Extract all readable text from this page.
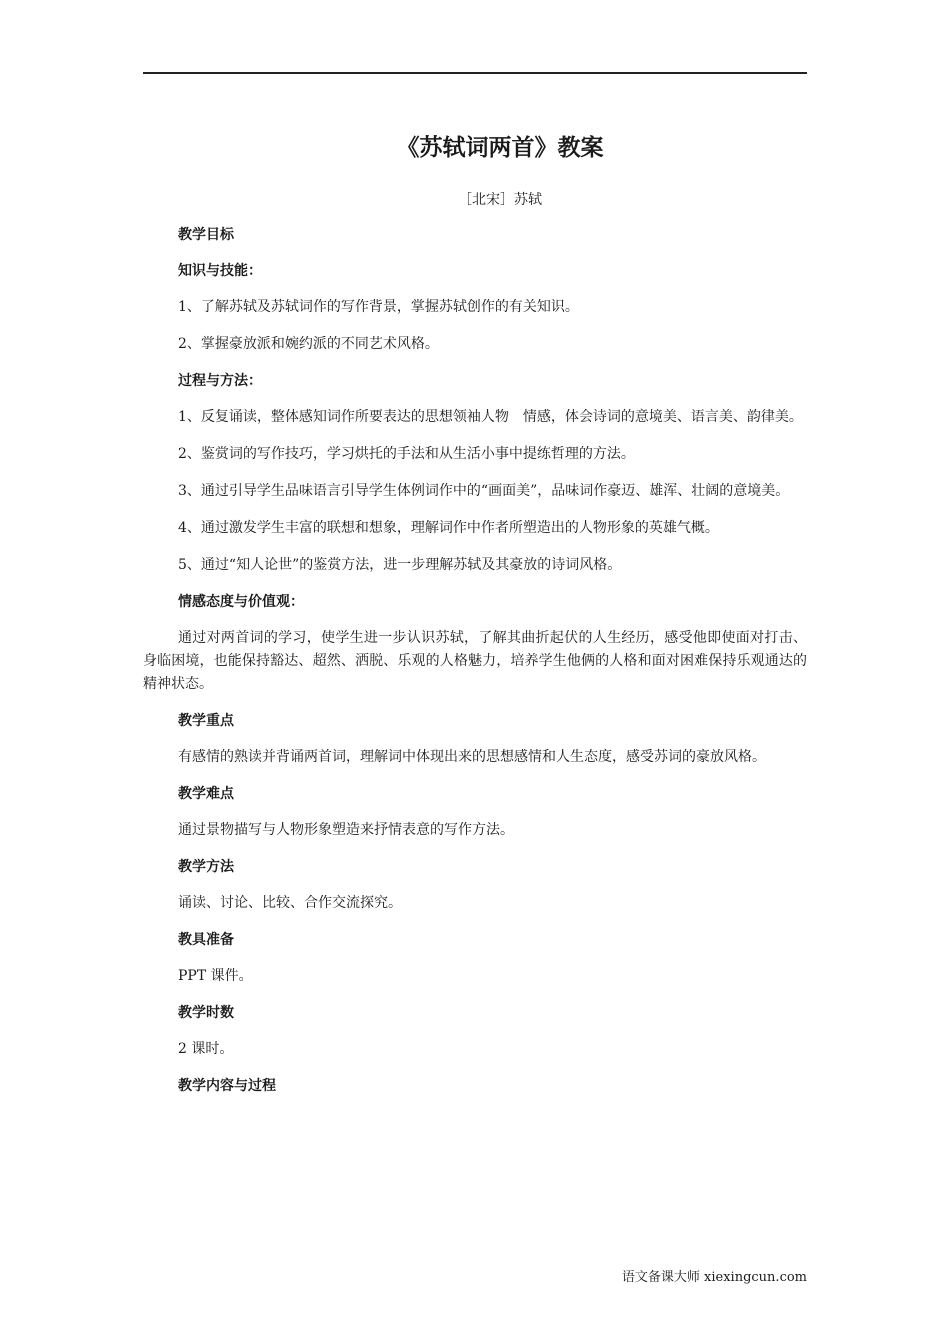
《苏轼词两首》教案
［北宋］苏轼
教学目标
知识与技能：
1、了解苏轼及苏轼词作的写作背景，掌握苏轼创作的有关知识。
2、掌握豪放派和婉约派的不同艺术风格。
过程与方法：
1、反复诵读，整体感知词作所要表达的思想领袖人物　情感，体会诗词的意境美、语言美、韵律美。
2、鉴赏词的写作技巧，学习烘托的手法和从生活小事中提练哲理的方法。
3、通过引导学生品味语言引导学生体例词作中的“画面美”，品味词作豪迈、雄浑、壮阔的意境美。
4、通过激发学生丰富的联想和想象，理解词作中作者所塑造出的人物形象的英雄气概。
5、通过“知人论世”的鉴赏方法，进一步理解苏轼及其豪放的诗词风格。
情感态度与价值观：
通过对两首词的学习，使学生进一步认识苏轼，了解其曲折起伏的人生经历，感受他即使面对打击、身临困境，也能保持豁达、超然、洒脱、乐观的人格魅力，培养学生他俩的人格和面对困难保持乐观通达的精神状态。
教学重点
有感情的熟读并背诵两首词，理解词中体现出来的思想感情和人生态度，感受苏词的豪放风格。
教学难点
通过景物描写与人物形象塑造来抒情表意的写作方法。
教学方法
诵读、讨论、比较、合作交流探究。
教具准备
PPT 课件。
教学时数
2 课时。
教学内容与过程
语文备课大师 xiexingcun.com
